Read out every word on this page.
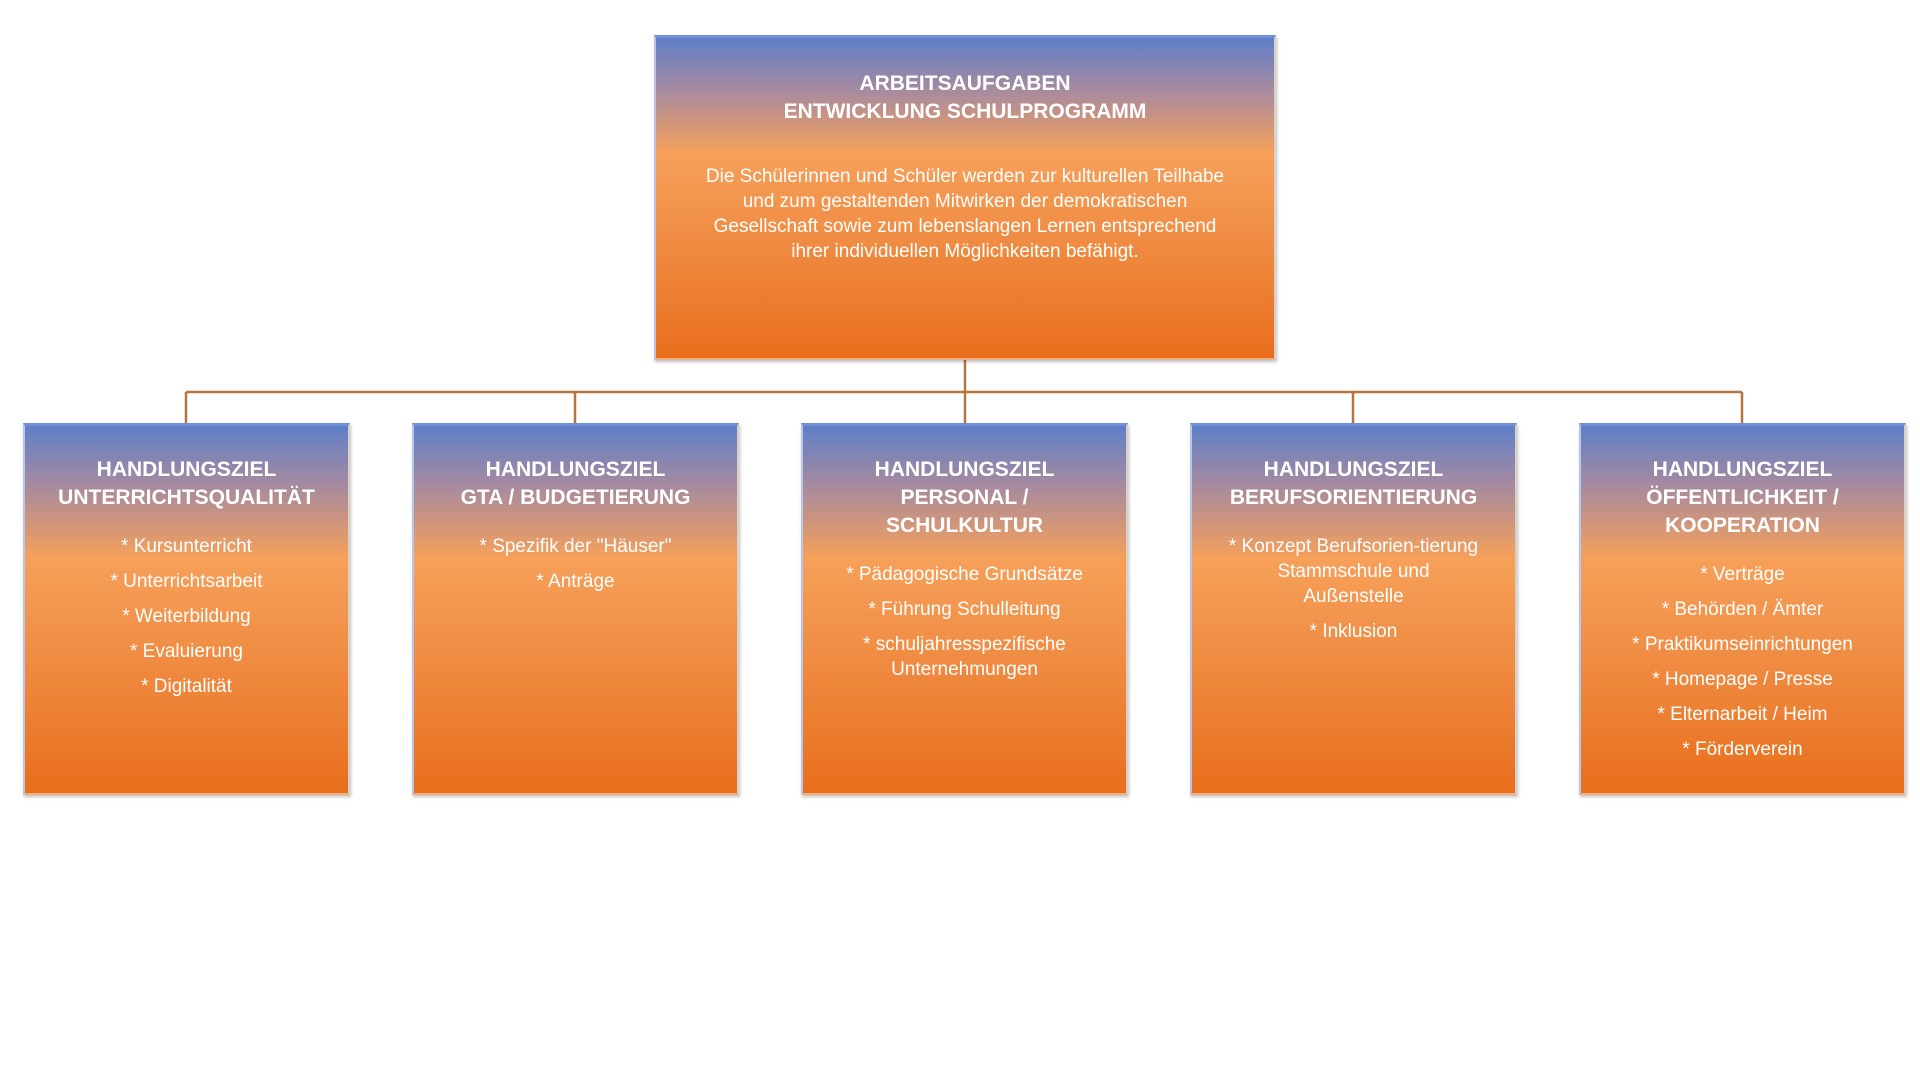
ARBEITSAUFGABEN
ENTWICKLUNG SCHULPROGRAMM

Die Schülerinnen und Schüler werden zur kulturellen Teilhabe und zum gestaltenden Mitwirken der demokratischen Gesellschaft sowie zum lebenslangen Lernen entsprechend ihrer individuellen Möglichkeiten befähigt.

HANDLUNGSZIEL
UNTERRICHTSQUALITÄT

* Kursunterricht
* Unterrichtsarbeit
* Weiterbildung
* Evaluierung
* Digitalität

HANDLUNGSZIEL
GTA / BUDGETIERUNG

* Spezifik der "Häuser"
* Anträge

HANDLUNGSZIEL
PERSONAL / SCHULKULTUR

* Pädagogische Grundsätze
* Führung Schulleitung
* schuljahresspezifische Unternehmungen

HANDLUNGSZIEL
BERUFSORIENTIERUNG

* Konzept Berufsorien-tierung Stammschule und Außenstelle
* Inklusion

HANDLUNGSZIEL
ÖFFENTLICHKEIT / KOOPERATION

* Verträge
* Behörden / Ämter
* Praktikumseinrichtungen
* Homepage / Presse
* Elternarbeit / Heim
* Förderverein
